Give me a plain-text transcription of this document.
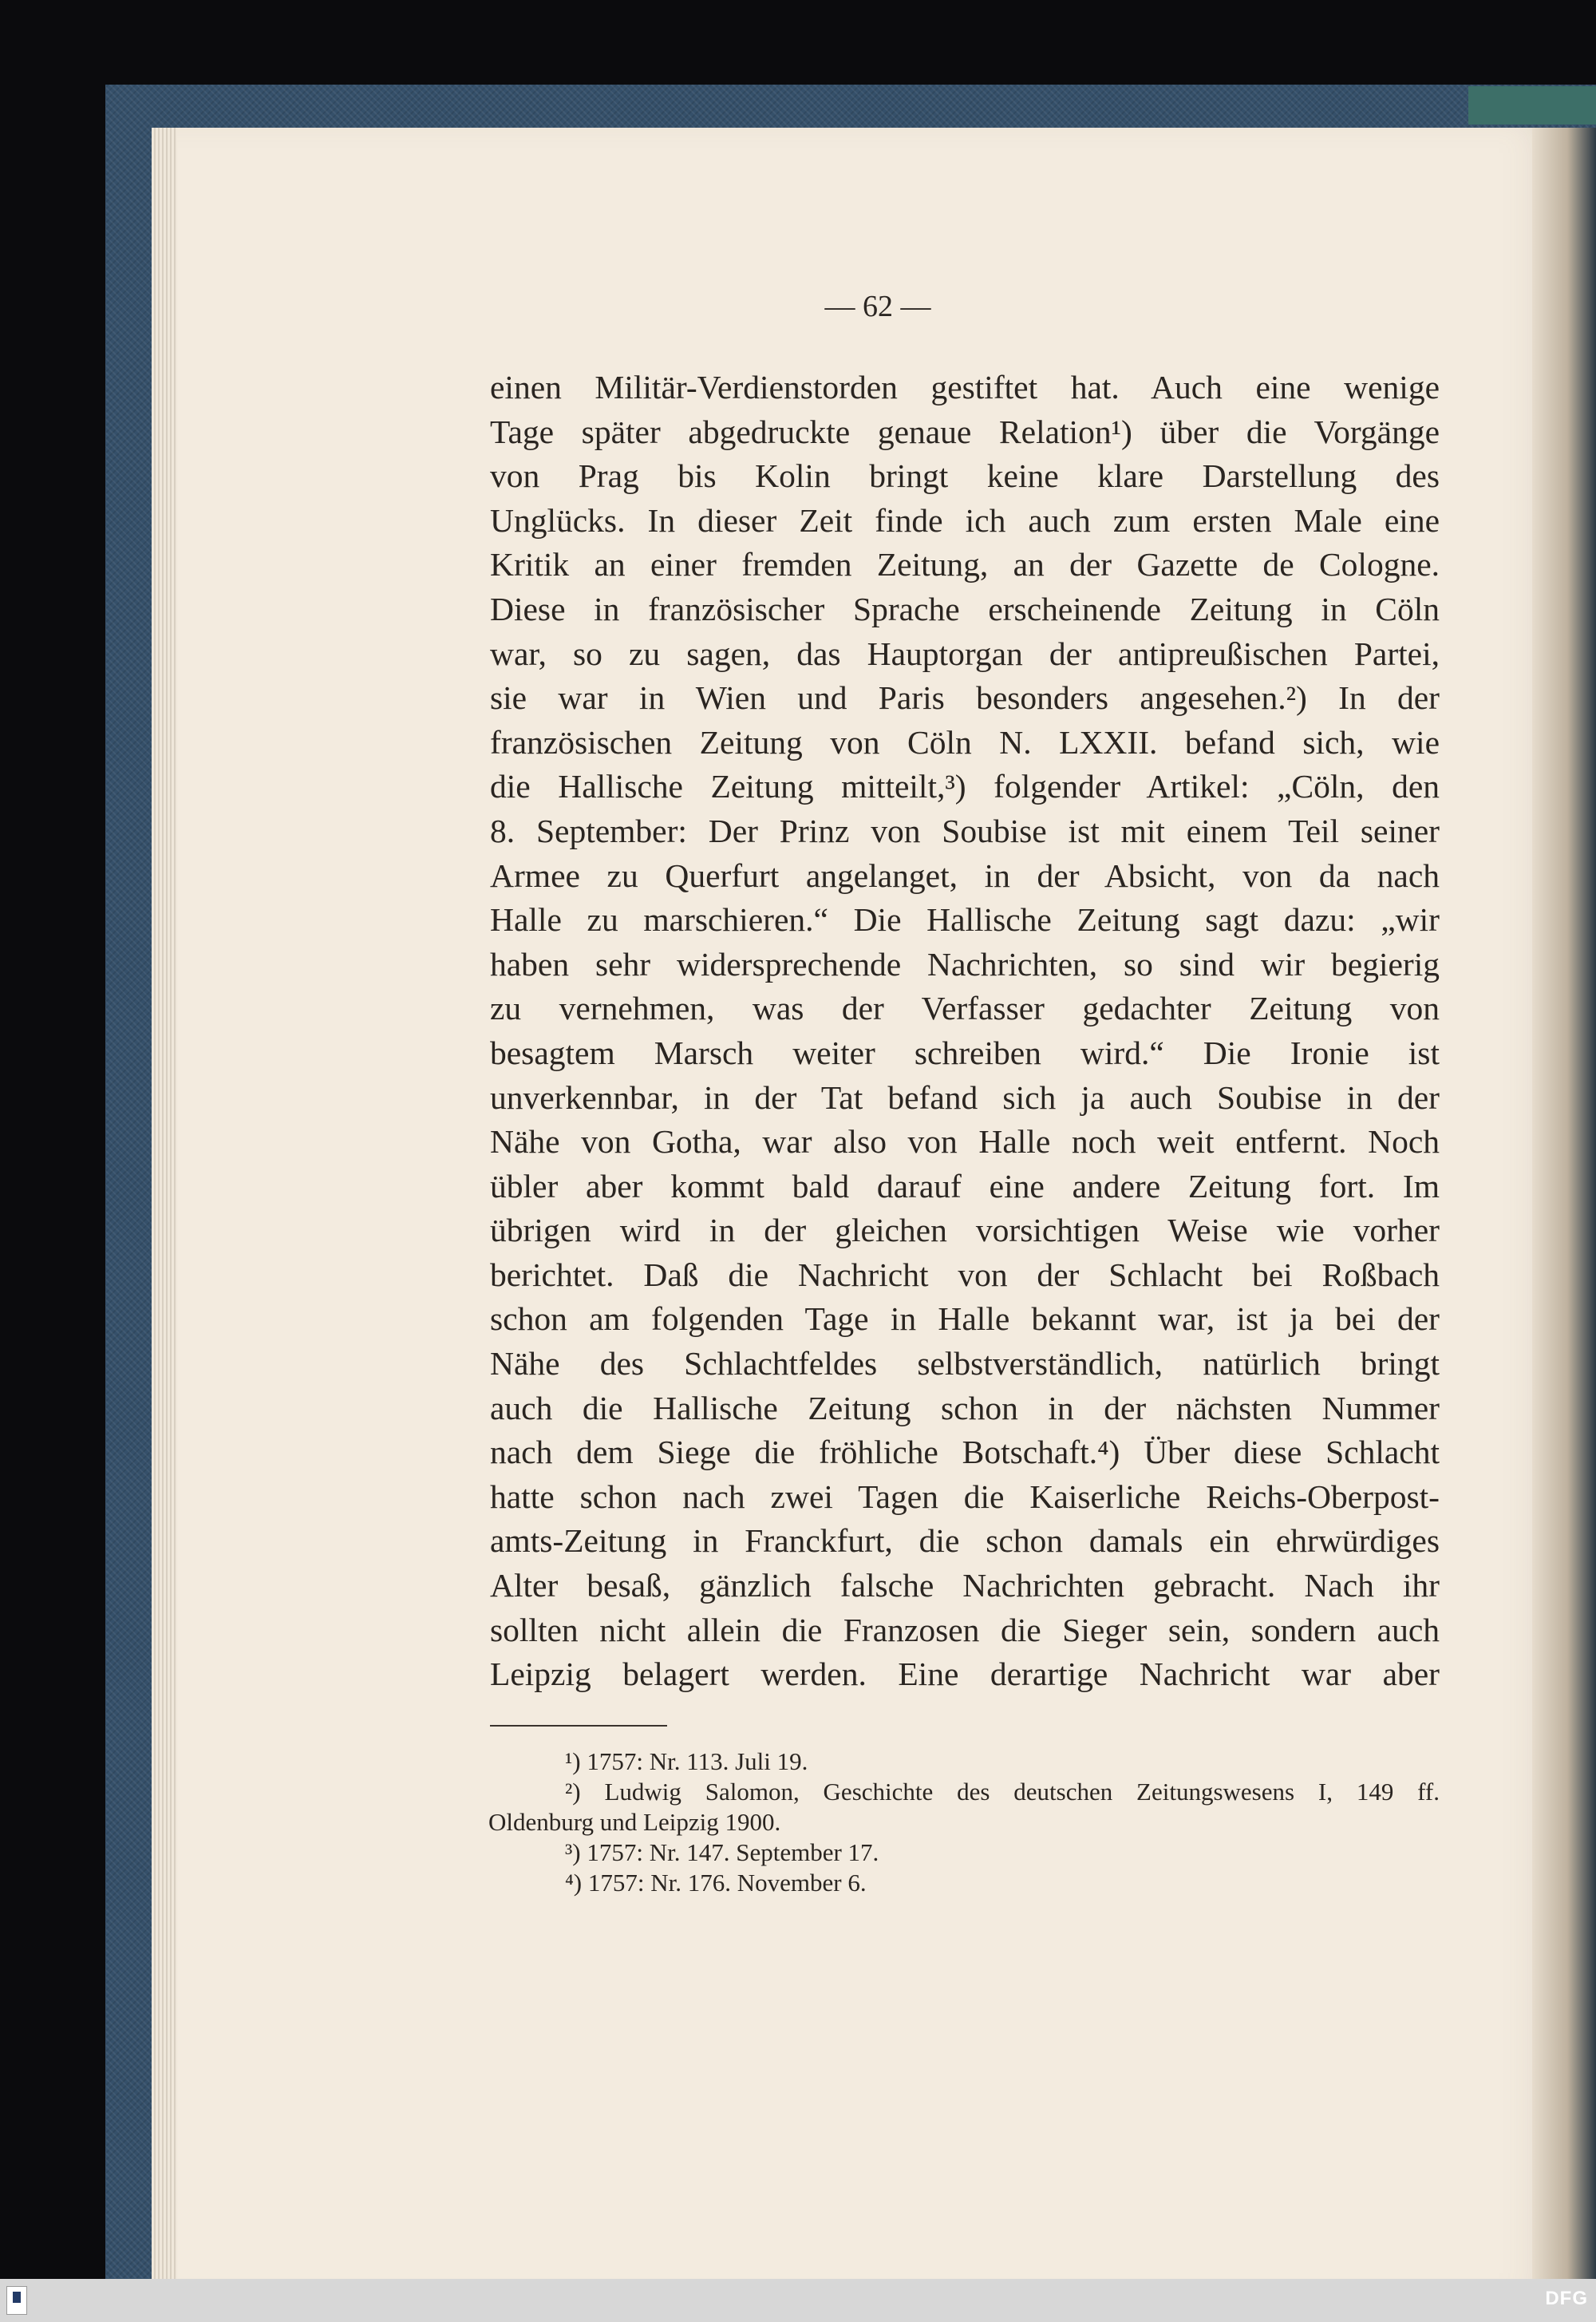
— 62 —
einen Militär-Verdienstorden gestiftet hat. Auch eine wenige
Tage später abgedruckte genaue Relation¹) über die Vorgänge
von Prag bis Kolin bringt keine klare Darstellung des
Unglücks. In dieser Zeit finde ich auch zum ersten Male eine
Kritik an einer fremden Zeitung, an der Gazette de Cologne.
Diese in französischer Sprache erscheinende Zeitung in Cöln
war, so zu sagen, das Hauptorgan der antipreußischen Partei,
sie war in Wien und Paris besonders angesehen.²) In der
französischen Zeitung von Cöln N. LXXII. befand sich, wie
die Hallische Zeitung mitteilt,³) folgender Artikel: „Cöln, den
8. September: Der Prinz von Soubise ist mit einem Teil seiner
Armee zu Querfurt angelanget, in der Absicht, von da nach
Halle zu marschieren.“ Die Hallische Zeitung sagt dazu: „wir
haben sehr widersprechende Nachrichten, so sind wir begierig
zu vernehmen, was der Verfasser gedachter Zeitung von
besagtem Marsch weiter schreiben wird.“ Die Ironie ist
unverkennbar, in der Tat befand sich ja auch Soubise in der
Nähe von Gotha, war also von Halle noch weit entfernt. Noch
übler aber kommt bald darauf eine andere Zeitung fort. Im
übrigen wird in der gleichen vorsichtigen Weise wie vorher
berichtet. Daß die Nachricht von der Schlacht bei Roßbach
schon am folgenden Tage in Halle bekannt war, ist ja bei der
Nähe des Schlachtfeldes selbstverständlich, natürlich bringt
auch die Hallische Zeitung schon in der nächsten Nummer
nach dem Siege die fröhliche Botschaft.⁴) Über diese Schlacht
hatte schon nach zwei Tagen die Kaiserliche Reichs-Oberpost-
amts-Zeitung in Franckfurt, die schon damals ein ehrwürdiges
Alter besaß, gänzlich falsche Nachrichten gebracht. Nach ihr
sollten nicht allein die Franzosen die Sieger sein, sondern auch
Leipzig belagert werden. Eine derartige Nachricht war aber
¹) 1757: Nr. 113. Juli 19.
²) Ludwig Salomon, Geschichte des deutschen Zeitungswesens I, 149 ff.
Oldenburg und Leipzig 1900.
³) 1757: Nr. 147. September 17.
⁴) 1757: Nr. 176. November 6.
DFG
